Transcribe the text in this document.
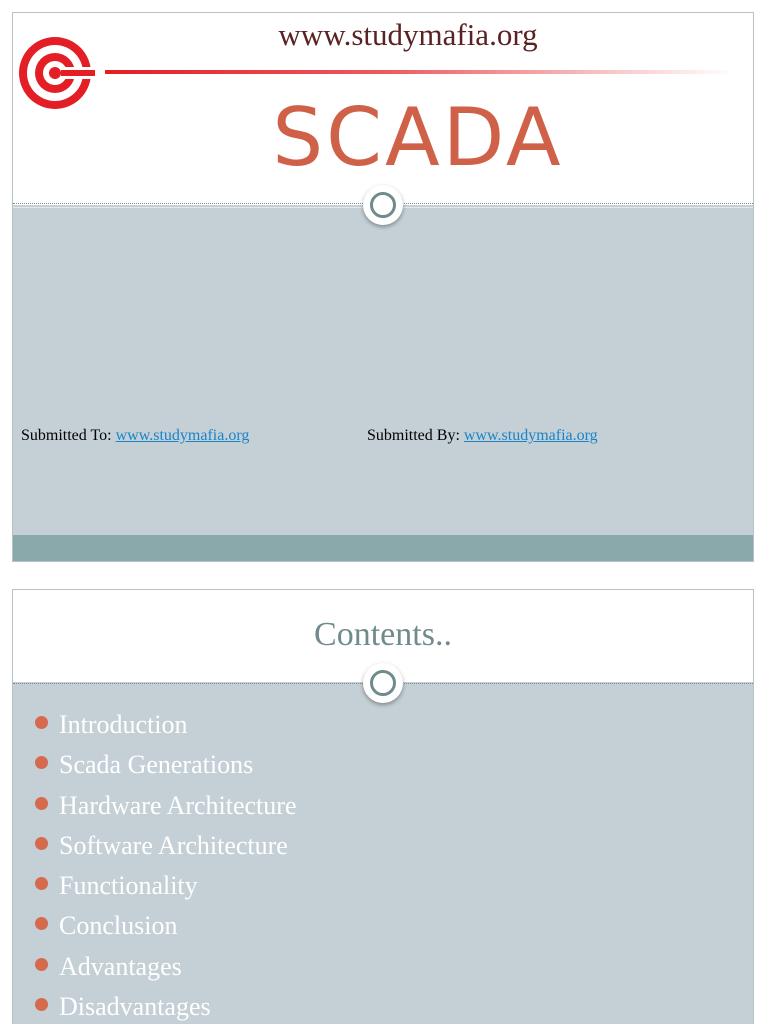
www.studymafia.org
SCADA
Submitted To: www.studymafia.org	Submitted By: www.studymafia.org
Contents..
Introduction
Scada Generations
Hardware Architecture
Software Architecture
Functionality
Conclusion
Advantages
Disadvantages
